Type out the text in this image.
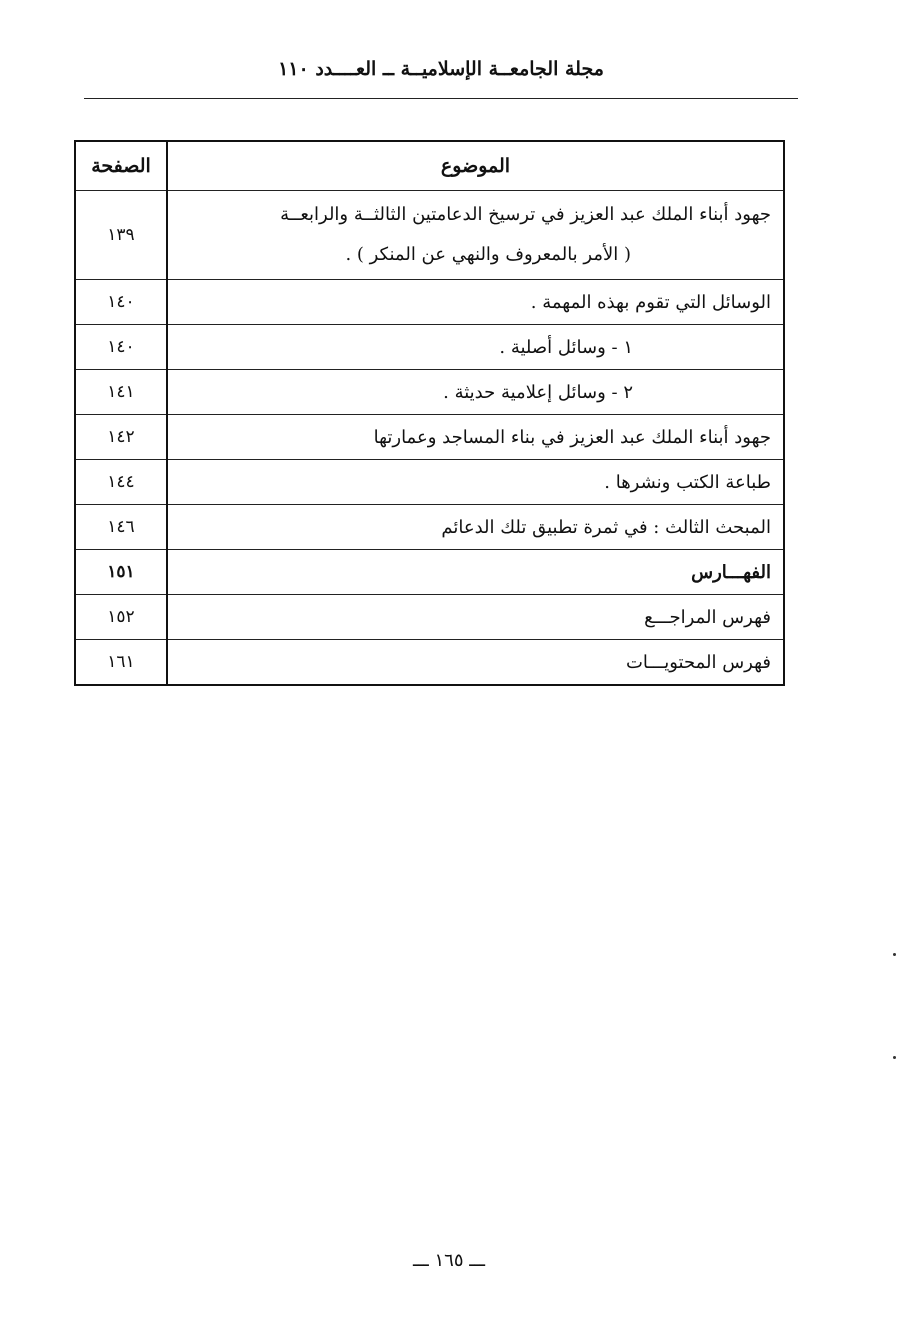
مجلة الجامعــة الإسلاميــة ــ العــــدد ١١٠
الموضوع	الصفحة

جهود أبناء الملك عبد العزيز في ترسيخ الدعامتين الثالثــة والرابعــة
( الأمر بالمعروف والنهي عن المنكر ) .	١٣٩
الوسائل التي تقوم بهذه المهمة .	١٤٠
١ - وسائل أصلية .	١٤٠
٢ - وسائل إعلامية حديثة .	١٤١
جهود أبناء الملك عبد العزيز في بناء المساجد وعمارتها	١٤٢
طباعة الكتب ونشرها .	١٤٤
المبحث الثالث : في ثمرة تطبيق تلك الدعائم	١٤٦
الفهـــارس	١٥١
فهرس المراجـــع	١٥٢
فهرس المحتويـــات	١٦١
ـــ ١٦٥ ـــ
